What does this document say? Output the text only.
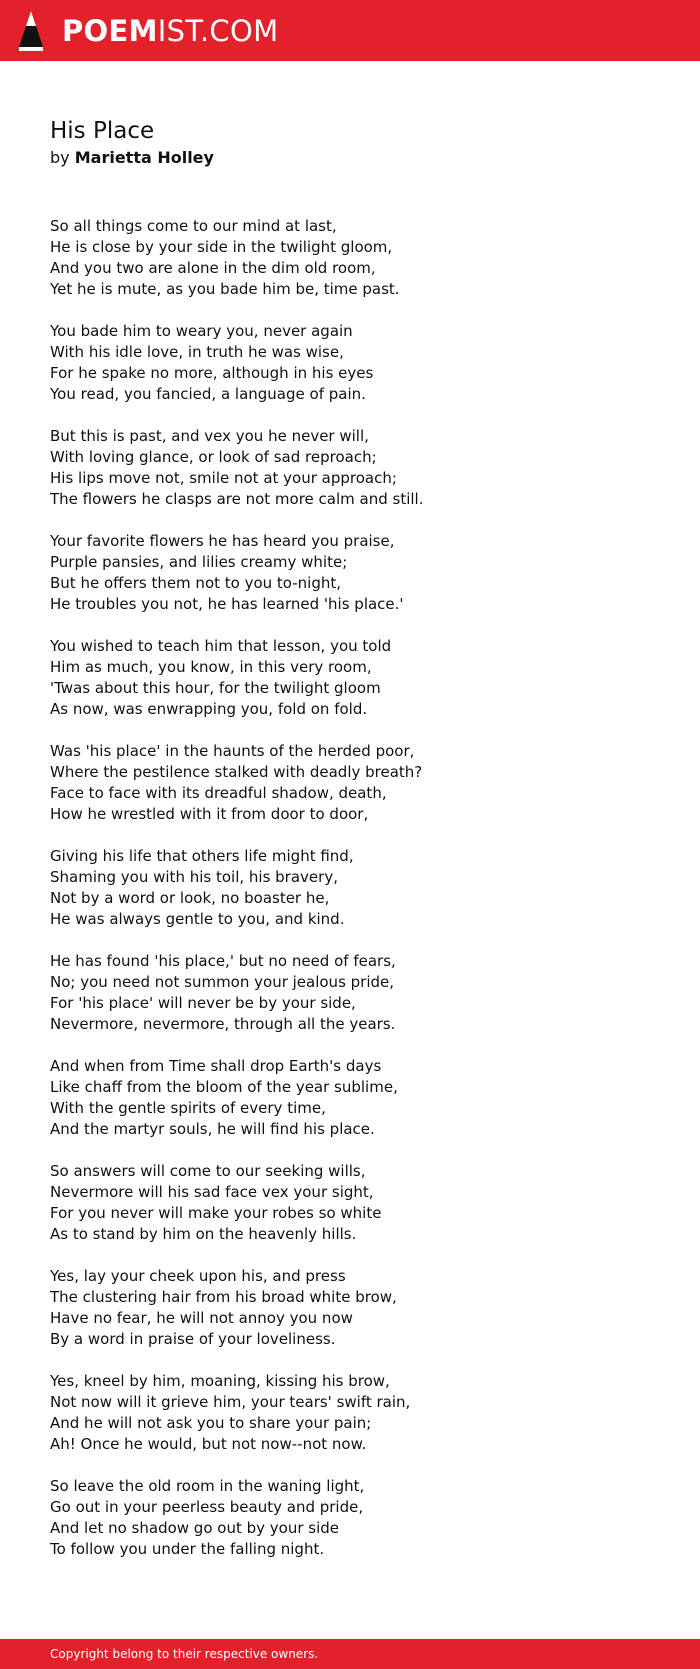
POEMIST.COM
His Place
by Marietta Holley
So all things come to our mind at last,
He is close by your side in the twilight gloom,
And you two are alone in the dim old room,
Yet he is mute, as you bade him be, time past.
You bade him to weary you, never again
With his idle love, in truth he was wise,
For he spake no more, although in his eyes
You read, you fancied, a language of pain.
But this is past, and vex you he never will,
With loving glance, or look of sad reproach;
His lips move not, smile not at your approach;
The flowers he clasps are not more calm and still.
Your favorite flowers he has heard you praise,
Purple pansies, and lilies creamy white;
But he offers them not to you to-night,
He troubles you not, he has learned 'his place.'
You wished to teach him that lesson, you told
Him as much, you know, in this very room,
'Twas about this hour, for the twilight gloom
As now, was enwrapping you, fold on fold.
Was 'his place' in the haunts of the herded poor,
Where the pestilence stalked with deadly breath?
Face to face with its dreadful shadow, death,
How he wrestled with it from door to door,
Giving his life that others life might find,
Shaming you with his toil, his bravery,
Not by a word or look, no boaster he,
He was always gentle to you, and kind.
He has found 'his place,' but no need of fears,
No; you need not summon your jealous pride,
For 'his place' will never be by your side,
Nevermore, nevermore, through all the years.
And when from Time shall drop Earth's days
Like chaff from the bloom of the year sublime,
With the gentle spirits of every time,
And the martyr souls, he will find his place.
So answers will come to our seeking wills,
Nevermore will his sad face vex your sight,
For you never will make your robes so white
As to stand by him on the heavenly hills.
Yes, lay your cheek upon his, and press
The clustering hair from his broad white brow,
Have no fear, he will not annoy you now
By a word in praise of your loveliness.
Yes, kneel by him, moaning, kissing his brow,
Not now will it grieve him, your tears' swift rain,
And he will not ask you to share your pain;
Ah! Once he would, but not now--not now.
So leave the old room in the waning light,
Go out in your peerless beauty and pride,
And let no shadow go out by your side
To follow you under the falling night.
Copyright belong to their respective owners.
